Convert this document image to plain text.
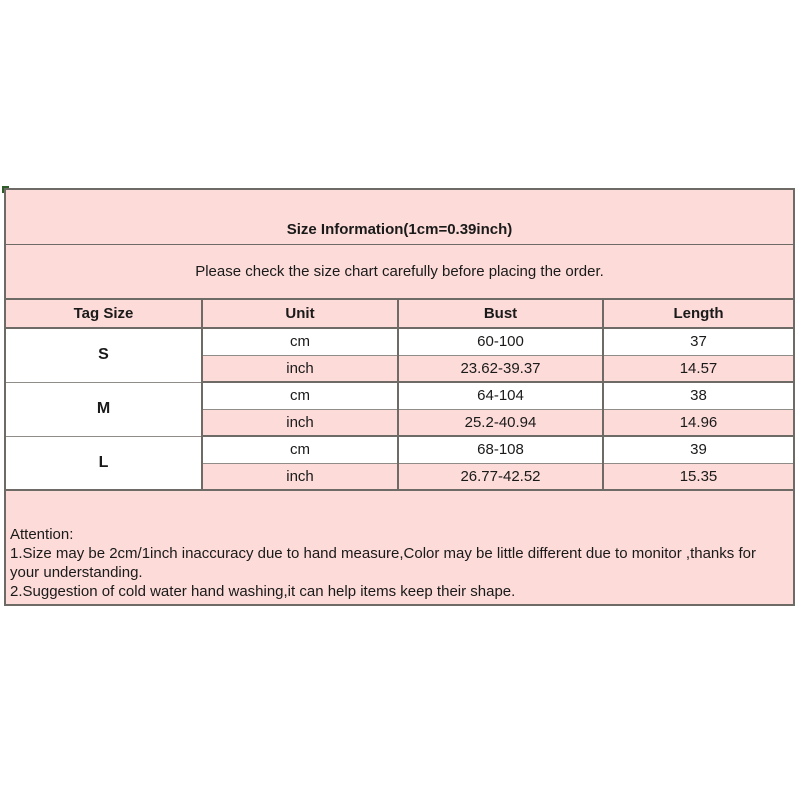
Size Information(1cm=0.39inch)
Please check the size chart carefully before placing the order.
Tag Size	Unit	Bust	Length
S	cm	60-100	37
	inch	23.62-39.37	14.57
M	cm	64-104	38
	inch	25.2-40.94	14.96
L	cm	68-108	39
	inch	26.77-42.52	15.35
Attention:
1.Size may be 2cm/1inch inaccuracy due to hand measure,Color may be little different due to monitor ,thanks for your understanding.
2.Suggestion of cold water hand washing,it can help items keep their shape.
